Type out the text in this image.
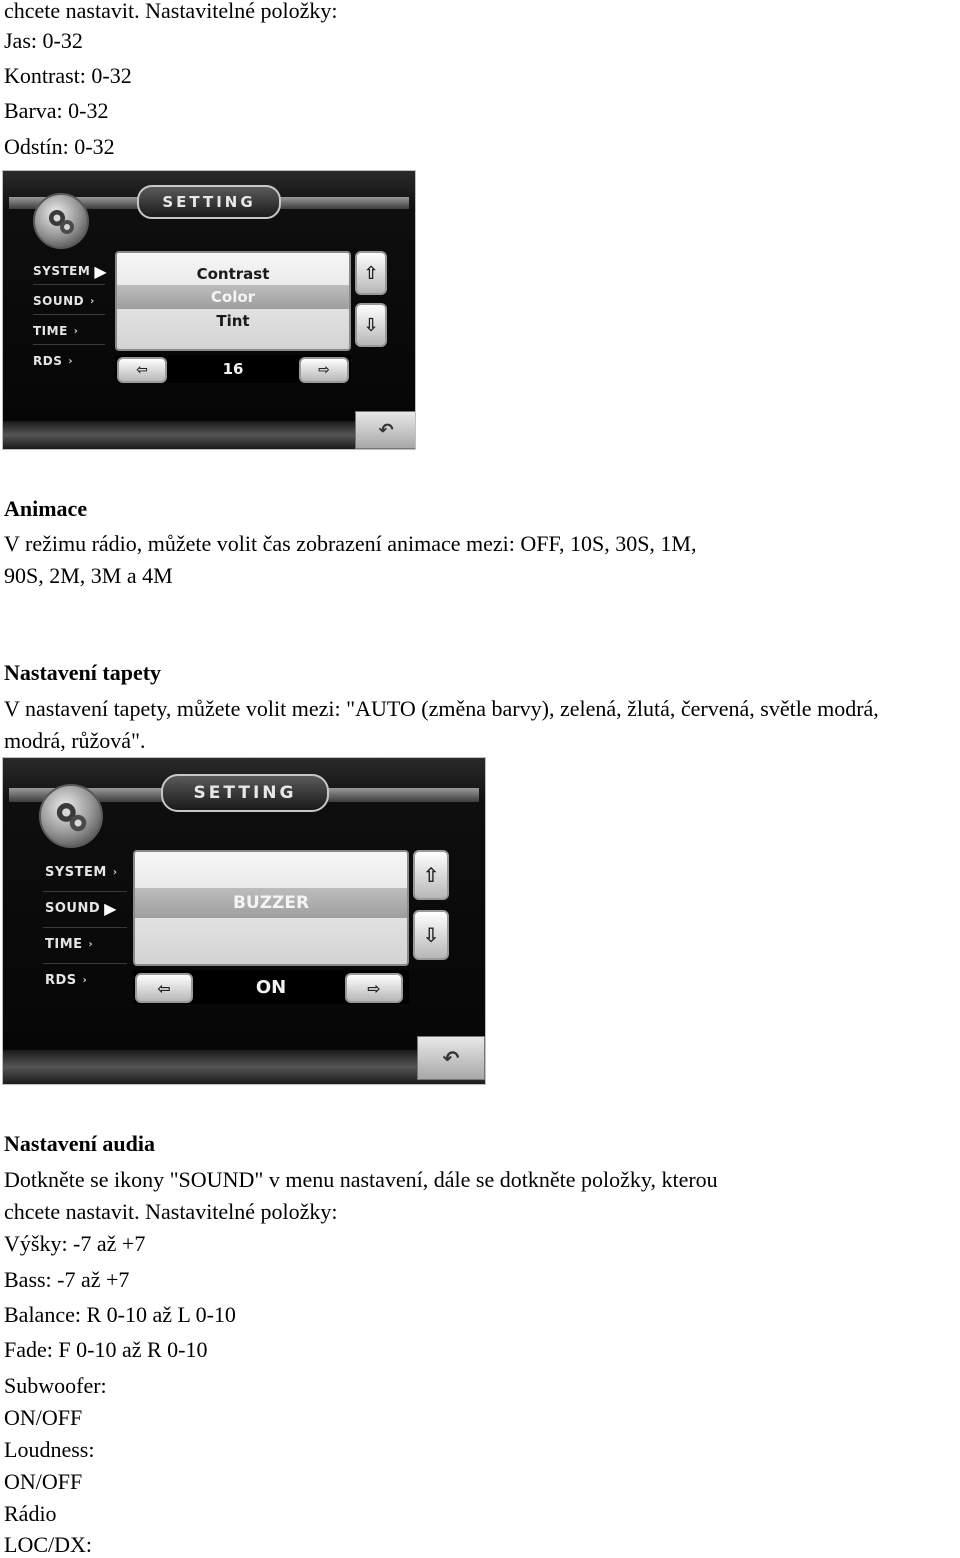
chcete nastavit. Nastavitelné položky:
Jas: 0-32
Kontrast: 0-32
Barva: 0-32
Odstín: 0-32
SETTING
SYSTEM ▶
SOUND ›
TIME ›
RDS ›
Contrast
Color
Tint
⇧
⇩
16
⇦	⇨
↶
Animace
V režimu rádio, můžete volit čas zobrazení animace mezi: OFF, 10S, 30S, 1M,
90S, 2M, 3M a 4M
Nastavení tapety
V nastavení tapety, můžete volit mezi: "AUTO (změna barvy), zelená, žlutá, červená, světle modrá,
modrá, růžová".
SETTING
SYSTEM ›
SOUND ▶
TIME ›
RDS ›
BUZZER
⇧
⇩
ON
⇦	⇨
↶
Nastavení audia
Dotkněte se ikony "SOUND" v menu nastavení, dále se dotkněte položky, kterou
chcete nastavit. Nastavitelné položky:
Výšky: -7 až +7
Bass: -7 až +7
Balance: R 0-10 až L 0-10
Fade: F 0-10 až R 0-10
Subwoofer:
ON/OFF
Loudness:
ON/OFF
Rádio
LOC/DX:
